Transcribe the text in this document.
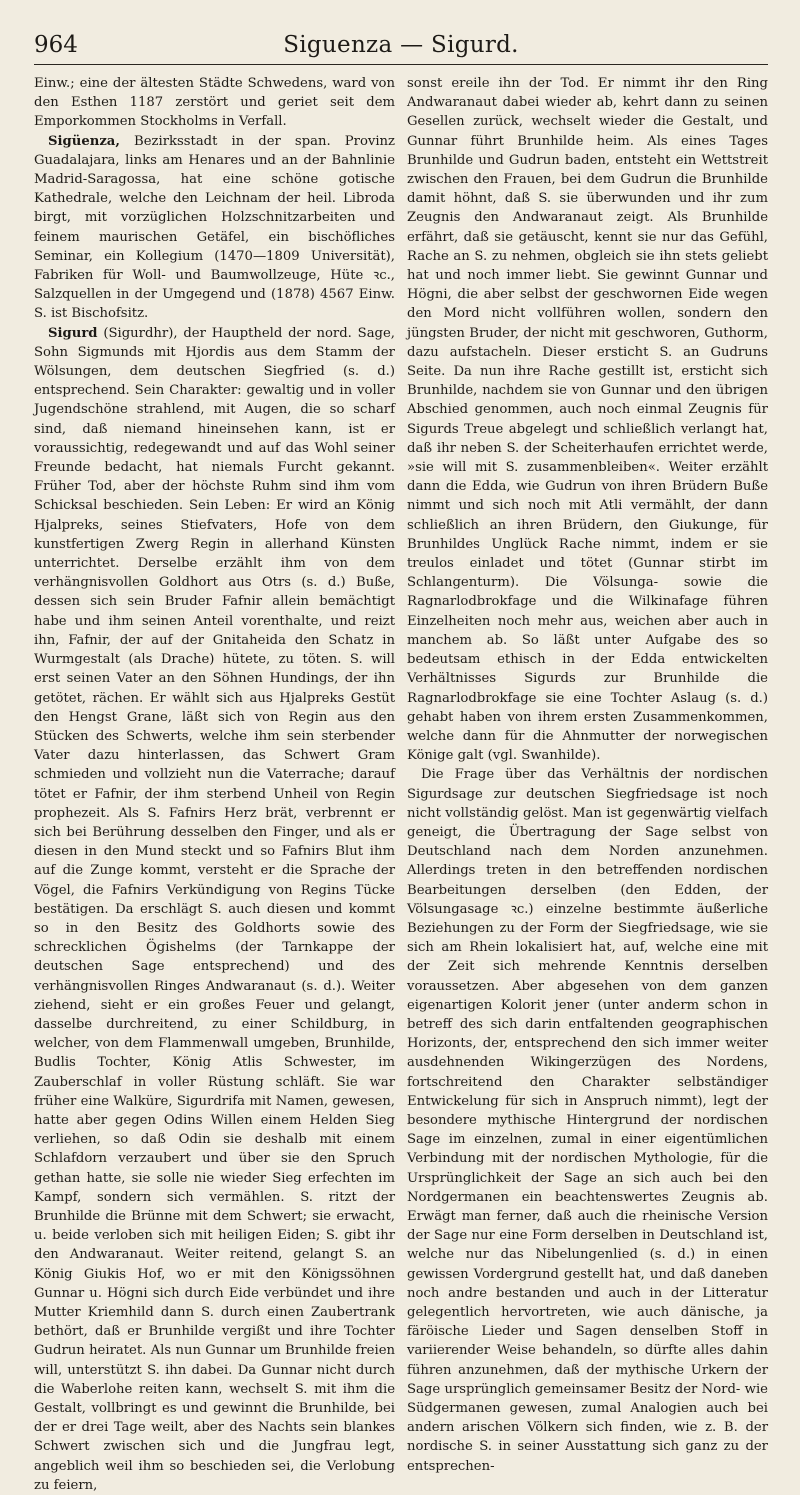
964	Siguenza — Sigurd.

Einw.; eine der ältesten Städte Schwedens, ward von den Esthen 1187 zerstört und geriet seit dem Emporkommen Stockholms in Verfall.

Sigüenza, Bezirksstadt in der span. Provinz Guadalajara, links am Henares und an der Bahnlinie Madrid-Saragossa, hat eine schöne gotische Kathedrale, welche den Leichnam der heil. Libroda birgt, mit vorzüglichen Holzschnitzarbeiten und feinem maurischen Getäfel, ein bischöfliches Seminar, ein Kollegium (1470—1809 Universität), Fabriken für Woll- und Baumwollzeuge, Hüte ꝛc., Salzquellen in der Umgegend und (1878) 4567 Einw. S. ist Bischofsitz.

Sigurd (Sigurdhr), der Hauptheld der nord. Sage, Sohn Sigmunds mit Hjordis aus dem Stamm der Wölsungen, dem deutschen Siegfried (s. d.) entsprechend. Sein Charakter: gewaltig und in voller Jugendschöne strahlend, mit Augen, die so scharf sind, daß niemand hineinsehen kann, ist er voraussichtig, redegewandt und auf das Wohl seiner Freunde bedacht, hat niemals Furcht gekannt. Früher Tod, aber der höchste Ruhm sind ihm vom Schicksal beschieden. Sein Leben: Er wird an König Hjalpreks, seines Stiefvaters, Hofe von dem kunstfertigen Zwerg Regin in allerhand Künsten unterrichtet. Derselbe erzählt ihm von dem verhängnisvollen Goldhort aus Otrs (s. d.) Buße, dessen sich sein Bruder Fafnir allein bemächtigt habe und ihm seinen Anteil vorenthalte, und reizt ihn, Fafnir, der auf der Gnitaheida den Schatz in Wurmgestalt (als Drache) hütete, zu töten. S. will erst seinen Vater an den Söhnen Hundings, der ihn getötet, rächen. Er wählt sich aus Hjalpreks Gestüt den Hengst Grane, läßt sich von Regin aus den Stücken des Schwerts, welche ihm sein sterbender Vater dazu hinterlassen, das Schwert Gram schmieden und vollzieht nun die Vaterrache; darauf tötet er Fafnir, der ihm sterbend Unheil von Regin prophezeit. Als S. Fafnirs Herz brät, verbrennt er sich bei Berührung desselben den Finger, und als er diesen in den Mund steckt und so Fafnirs Blut ihm auf die Zunge kommt, versteht er die Sprache der Vögel, die Fafnirs Verkündigung von Regins Tücke bestätigen. Da erschlägt S. auch diesen und kommt so in den Besitz des Goldhorts sowie des schrecklichen Ögishelms (der Tarnkappe der deutschen Sage entsprechend) und des verhängnisvollen Ringes Andwaranaut (s. d.). Weiter ziehend, sieht er ein großes Feuer und gelangt, dasselbe durchreitend, zu einer Schildburg, in welcher, von dem Flammenwall umgeben, Brunhilde, Budlis Tochter, König Atlis Schwester, im Zauberschlaf in voller Rüstung schläft. Sie war früher eine Walküre, Sigurdrifa mit Namen, gewesen, hatte aber gegen Odins Willen einem Helden Sieg verliehen, so daß Odin sie deshalb mit einem Schlafdorn verzaubert und über sie den Spruch gethan hatte, sie solle nie wieder Sieg erfechten im Kampf, sondern sich vermählen. S. ritzt der Brunhilde die Brünne mit dem Schwert; sie erwacht, u. beide verloben sich mit heiligen Eiden; S. gibt ihr den Andwaranaut. Weiter reitend, gelangt S. an König Giukis Hof, wo er mit den Königssöhnen Gunnar u. Högni sich durch Eide verbündet und ihre Mutter Kriemhild dann S. durch einen Zaubertrank bethört, daß er Brunhilde vergißt und ihre Tochter Gudrun heiratet. Als nun Gunnar um Brunhilde freien will, unterstützt S. ihn dabei. Da Gunnar nicht durch die Waberlohe reiten kann, wechselt S. mit ihm die Gestalt, vollbringt es und gewinnt die Brunhilde, bei der er drei Tage weilt, aber des Nachts sein blankes Schwert zwischen sich und die Jungfrau legt, angeblich weil ihm so beschieden sei, die Verlobung zu feiern,

sonst ereile ihn der Tod. Er nimmt ihr den Ring Andwaranaut dabei wieder ab, kehrt dann zu seinen Gesellen zurück, wechselt wieder die Gestalt, und Gunnar führt Brunhilde heim. Als eines Tages Brunhilde und Gudrun baden, entsteht ein Wettstreit zwischen den Frauen, bei dem Gudrun die Brunhilde damit höhnt, daß S. sie überwunden und ihr zum Zeugnis den Andwaranaut zeigt. Als Brunhilde erfährt, daß sie getäuscht, kennt sie nur das Gefühl, Rache an S. zu nehmen, obgleich sie ihn stets geliebt hat und noch immer liebt. Sie gewinnt Gunnar und Högni, die aber selbst der geschwornen Eide wegen den Mord nicht vollführen wollen, sondern den jüngsten Bruder, der nicht mit geschworen, Guthorm, dazu aufstacheln. Dieser ersticht S. an Gudruns Seite. Da nun ihre Rache gestillt ist, ersticht sich Brunhilde, nachdem sie von Gunnar und den übrigen Abschied genommen, auch noch einmal Zeugnis für Sigurds Treue abgelegt und schließlich verlangt hat, daß ihr neben S. der Scheiterhaufen errichtet werde, »sie will mit S. zusammenbleiben«. Weiter erzählt dann die Edda, wie Gudrun von ihren Brüdern Buße nimmt und sich noch mit Atli vermählt, der dann schließlich an ihren Brüdern, den Giukunge, für Brunhildes Unglück Rache nimmt, indem er sie treulos einladet und tötet (Gunnar stirbt im Schlangenturm). Die Völsunga- sowie die Ragnarlodbrokfage und die Wilkinafage führen Einzelheiten noch mehr aus, weichen aber auch in manchem ab. So läßt unter Aufgabe des so bedeutsam ethisch in der Edda entwickelten Verhältnisses Sigurds zur Brunhilde die Ragnarlodbrokfage sie eine Tochter Aslaug (s. d.) gehabt haben von ihrem ersten Zusammenkommen, welche dann für die Ahnmutter der norwegischen Könige galt (vgl. Swanhilde).

Die Frage über das Verhältnis der nordischen Sigurdsage zur deutschen Siegfriedsage ist noch nicht vollständig gelöst. Man ist gegenwärtig vielfach geneigt, die Übertragung der Sage selbst von Deutschland nach dem Norden anzunehmen. Allerdings treten in den betreffenden nordischen Bearbeitungen derselben (den Edden, der Völsungasage ꝛc.) einzelne bestimmte äußerliche Beziehungen zu der Form der Siegfriedsage, wie sie sich am Rhein lokalisiert hat, auf, welche eine mit der Zeit sich mehrende Kenntnis derselben voraussetzen. Aber abgesehen von dem ganzen eigenartigen Kolorit jener (unter anderm schon in betreff des sich darin entfaltenden geographischen Horizonts, der, entsprechend den sich immer weiter ausdehnenden Wikingerzügen des Nordens, fortschreitend den Charakter selbständiger Entwickelung für sich in Anspruch nimmt), legt der besondere mythische Hintergrund der nordischen Sage im einzelnen, zumal in einer eigentümlichen Verbindung mit der nordischen Mythologie, für die Ursprünglichkeit der Sage an sich auch bei den Nordgermanen ein beachtenswertes Zeugnis ab. Erwägt man ferner, daß auch die rheinische Version der Sage nur eine Form derselben in Deutschland ist, welche nur das Nibelungenlied (s. d.) in einen gewissen Vordergrund gestellt hat, und daß daneben noch andre bestanden und auch in der Litteratur gelegentlich hervortreten, wie auch dänische, ja färöische Lieder und Sagen denselben Stoff in variierender Weise behandeln, so dürfte alles dahin führen anzunehmen, daß der mythische Urkern der Sage ursprünglich gemeinsamer Besitz der Nord- wie Südgermanen gewesen, zumal Analogien auch bei andern arischen Völkern sich finden, wie z. B. der nordische S. in seiner Ausstattung sich ganz zu der entsprechen-
